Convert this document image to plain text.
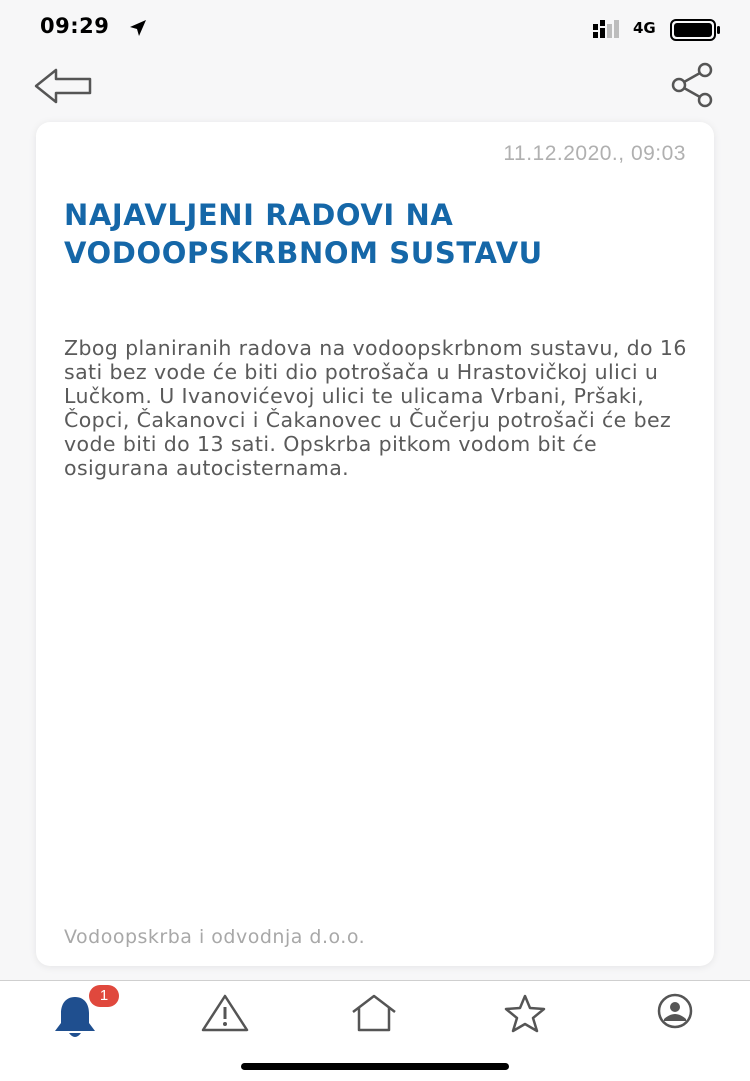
09:29	4G
11.12.2020., 09:03
NAJAVLJENI RADOVI NA VODOOPSKRBNOM SUSTAVU

Zbog planiranih radova na vodoopskrbnom sustavu, do 16 sati bez vode će biti dio potrošača u Hrastovičkoj ulici u Lučkom. U Ivanovićevoj ulici te ulicama Vrbani, Pršaki, Čopci, Čakanovci i Čakanovec u Čučerju potrošači će bez vode biti do 13 sati. Opskrba pitkom vodom bit će osigurana autocisternama.

Vodoopskrba i odvodnja d.o.o.
1
